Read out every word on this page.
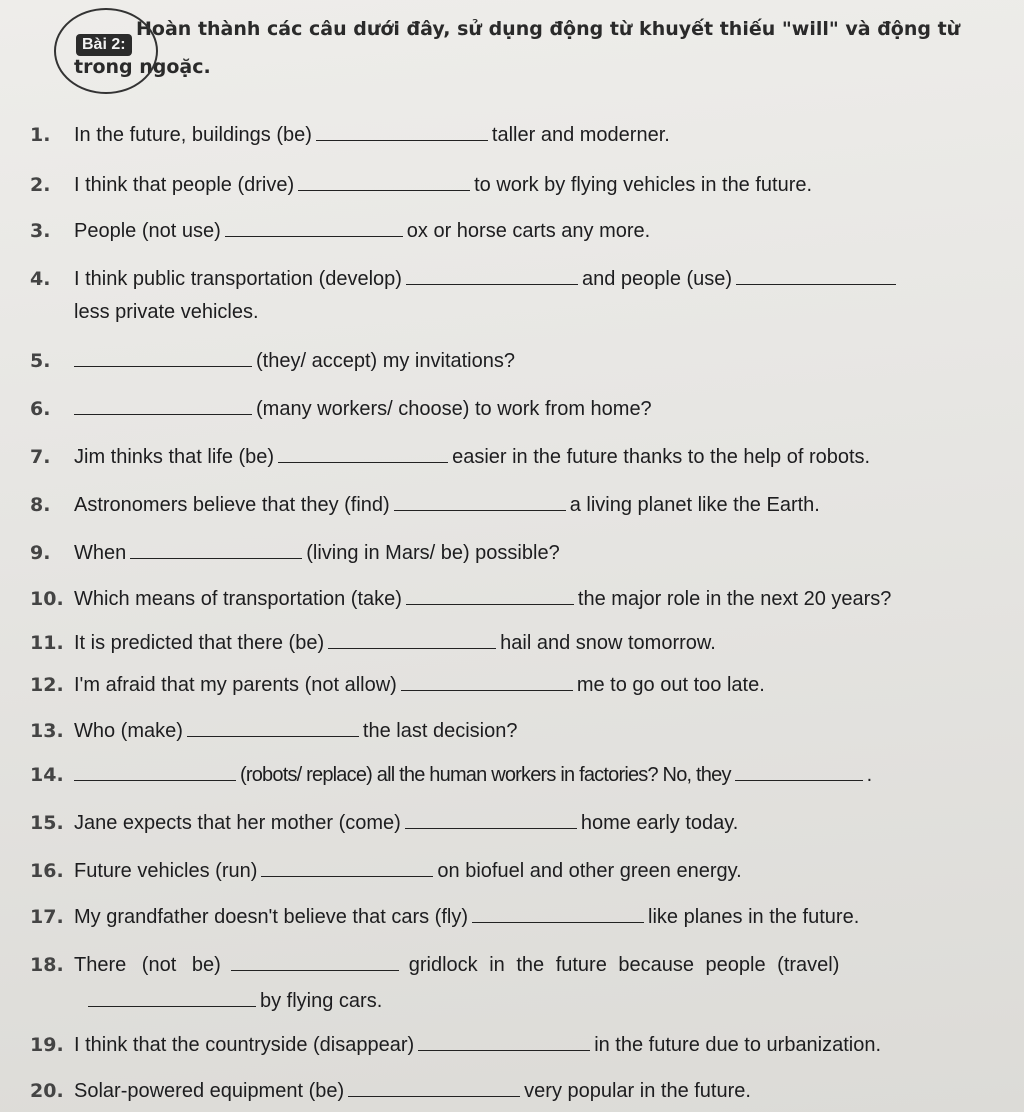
Bài 2: Hoàn thành các câu dưới đây, sử dụng động từ khuyết thiếu "will" và động từ
trong ngoặc.
1. In the future, buildings (be)	taller and moderner.
2. I think that people (drive)	to work by flying vehicles in the future.
3. People (not use)	ox or horse carts any more.
4. I think public transportation (develop)	and people (use)
less private vehicles.
5.	(they/ accept) my invitations?
6.	(many workers/ choose) to work from home?
7. Jim thinks that life (be)	easier in the future thanks to the help of robots.
8. Astronomers believe that they (find)	a living planet like the Earth.
9. When	(living in Mars/ be) possible?
10. Which means of transportation (take)	the major role in the next 20 years?
11. It is predicted that there (be)	hail and snow tomorrow.
12. I'm afraid that my parents (not allow)	me to go out too late.
13. Who (make)	the last decision?
14.	(robots/ replace) all the human workers in factories? No, they	.
15. Jane expects that her mother (come)	home early today.
16. Future vehicles (run)	on biofuel and other green energy.
17. My grandfather doesn't believe that cars (fly)	like planes in the future.
18. There (not be)	gridlock in the future because people (travel)
by flying cars.
19. I think that the countryside (disappear)	in the future due to urbanization.
20. Solar-powered equipment (be)	very popular in the future.
